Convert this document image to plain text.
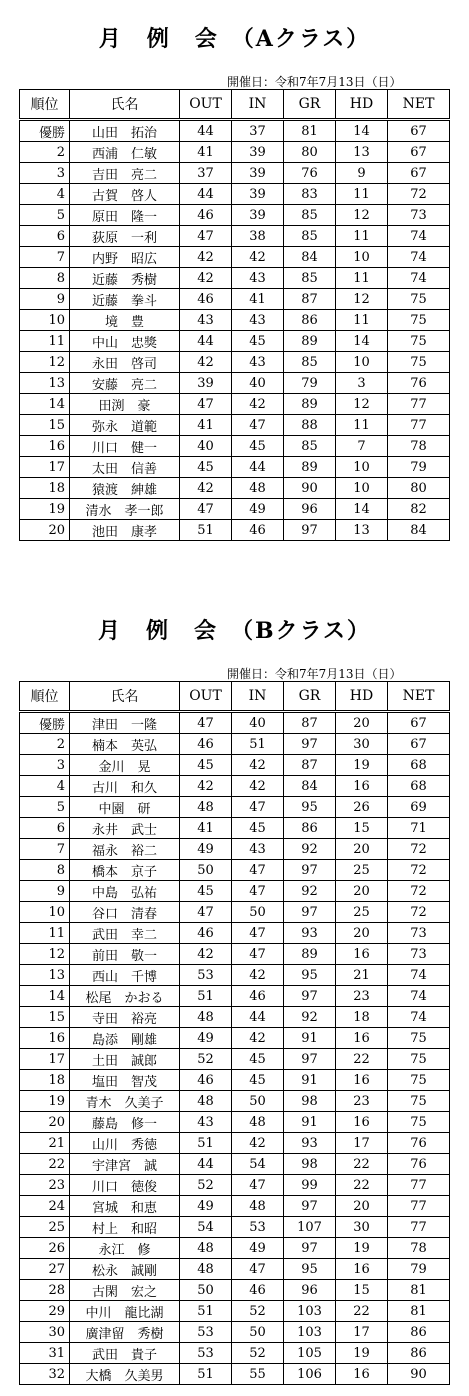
月　例　会　（Aクラス）
開催日：令和7年7月13日（日）
順位	氏名	OUT	IN	GR	HD	NET
優勝	山田　拓治	44	37	81	14	67
2	西浦　仁敏	41	39	80	13	67
3	吉田　亮二	37	39	76	9	67
4	古賀　啓人	44	39	83	11	72
5	原田　隆一	46	39	85	12	73
6	荻原　一利	47	38	85	11	74
7	内野　昭広	42	42	84	10	74
8	近藤　秀樹	42	43	85	11	74
9	近藤　拳斗	46	41	87	12	75
10	境　豊	43	43	86	11	75
11	中山　忠獎	44	45	89	14	75
12	永田　啓司	42	43	85	10	75
13	安藤　亮二	39	40	79	3	76
14	田渕　豪	47	42	89	12	77
15	弥永　道範	41	47	88	11	77
16	川口　健一	40	45	85	7	78
17	太田　信善	45	44	89	10	79
18	猿渡　紳雄	42	48	90	10	80
19	清水　孝一郎	47	49	96	14	82
20	池田　康孝	51	46	97	13	84
月　例　会　（Bクラス）
開催日：令和7年7月13日（日）
順位	氏名	OUT	IN	GR	HD	NET
優勝	津田　一隆	47	40	87	20	67
2	楠本　英弘	46	51	97	30	67
3	金川　晃	45	42	87	19	68
4	古川　和久	42	42	84	16	68
5	中園　研	48	47	95	26	69
6	永井　武士	41	45	86	15	71
7	福永　裕二	49	43	92	20	72
8	橋本　京子	50	47	97	25	72
9	中島　弘祐	45	47	92	20	72
10	谷口　清春	47	50	97	25	72
11	武田　幸二	46	47	93	20	73
12	前田　敬一	42	47	89	16	73
13	西山　千博	53	42	95	21	74
14	松尾　かおる	51	46	97	23	74
15	寺田　裕亮	48	44	92	18	74
16	島添　剛雄	49	42	91	16	75
17	土田　誠郎	52	45	97	22	75
18	塩田　智茂	46	45	91	16	75
19	青木　久美子	48	50	98	23	75
20	藤島　修一	43	48	91	16	75
21	山川　秀徳	51	42	93	17	76
22	宇津宮　誠	44	54	98	22	76
23	川口　徳俊	52	47	99	22	77
24	宮城　和恵	49	48	97	20	77
25	村上　和昭	54	53	107	30	77
26	永江　修	48	49	97	19	78
27	松永　誠剛	48	47	95	16	79
28	古閑　宏之	50	46	96	15	81
29	中川　龍比湖	51	52	103	22	81
30	廣津留　秀樹	53	50	103	17	86
31	武田　貴子	53	52	105	19	86
32	大橋　久美男	51	55	106	16	90
